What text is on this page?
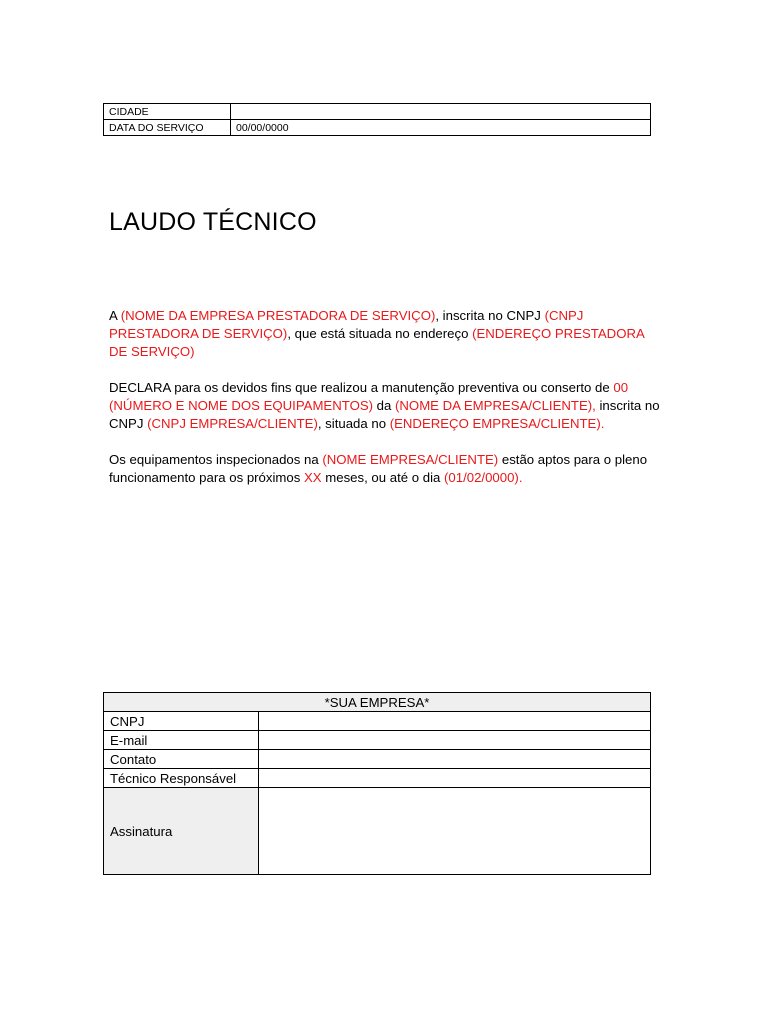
CIDADE	
DATA DO SERVIÇO	00/00/0000
LAUDO TÉCNICO

A (NOME DA EMPRESA PRESTADORA DE SERVIÇO), inscrita no CNPJ (CNPJ PRESTADORA DE SERVIÇO), que está situada no endereço (ENDEREÇO PRESTADORA DE SERVIÇO)

DECLARA para os devidos fins que realizou a manutenção preventiva ou conserto de 00 (NÚMERO E NOME DOS EQUIPAMENTOS) da (NOME DA EMPRESA/CLIENTE), inscrita no CNPJ (CNPJ EMPRESA/CLIENTE), situada no (ENDEREÇO EMPRESA/CLIENTE).

Os equipamentos inspecionados na (NOME EMPRESA/CLIENTE) estão aptos para o pleno funcionamento para os próximos XX meses, ou até o dia (01/02/0000).

*SUA EMPRESA*	
CNPJ	
E-mail	
Contato	
Técnico Responsável	
Assinatura	
